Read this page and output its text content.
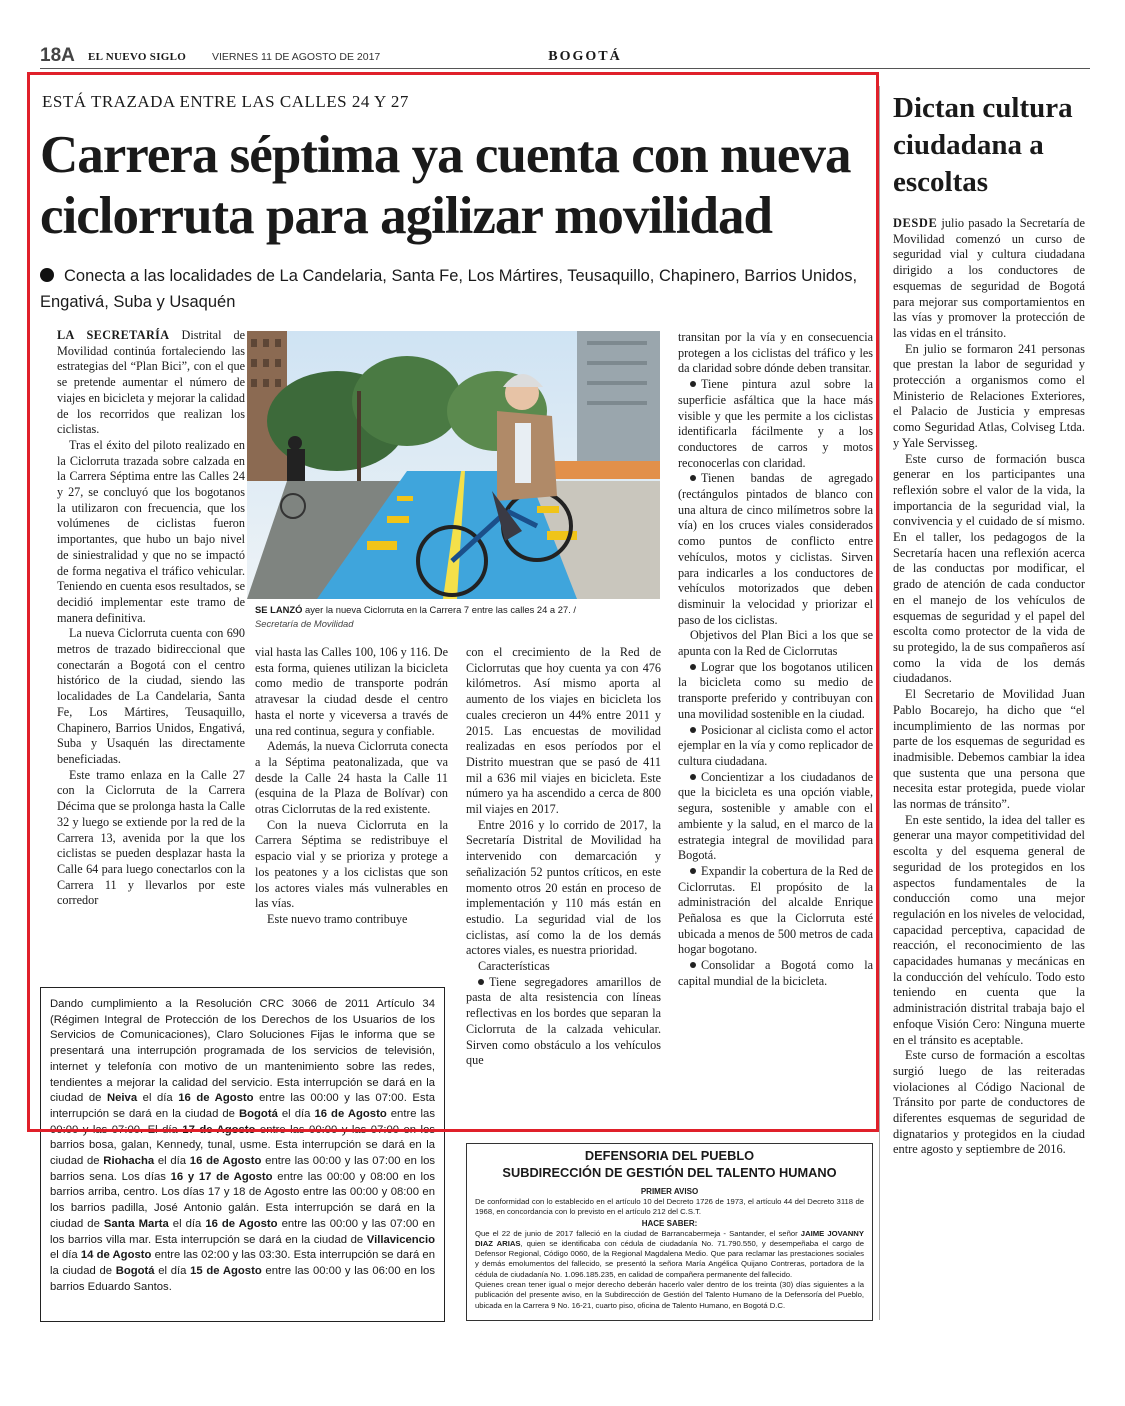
18A EL NUEVO SIGLO VIERNES 11 DE AGOSTO DE 2017	BOGOTÁ
ESTÁ TRAZADA ENTRE LAS CALLES 24 Y 27
Carrera séptima ya cuenta con nueva ciclorruta para agilizar movilidad
Conecta a las localidades de La Candelaria, Santa Fe, Los Mártires, Teusaquillo, Chapinero, Barrios Unidos, Engativá, Suba y Usaquén

LA SECRETARÍA Distrital de Movilidad continúa fortaleciendo las estrategias del “Plan Bici”, con el que se pretende aumentar el número de viajes en bicicleta y mejorar la calidad de los recorridos que realizan los ciclistas.

Tras el éxito del piloto realizado en la Ciclorruta trazada sobre calzada en la Carrera Séptima entre las Calles 24 y 27, se concluyó que los bogotanos la utilizaron con frecuencia, que los volúmenes de ciclistas fueron importantes, que hubo un bajo nivel de siniestralidad y que no se impactó de forma negativa el tráfico vehicular. Teniendo en cuenta esos resultados, se decidió implementar este tramo de manera definitiva.

La nueva Ciclorruta cuenta con 690 metros de trazado bidireccional que conectarán a Bogotá con el centro histórico de la ciudad, siendo las localidades de La Candelaria, Santa Fe, Los Mártires, Teusaquillo, Chapinero, Barrios Unidos, Engativá, Suba y Usaquén las directamente beneficiadas.

Este tramo enlaza en la Calle 27 con la Ciclorruta de la Carrera Décima que se prolonga hasta la Calle 32 y luego se extiende por la red de la Carrera 13, avenida por la que los ciclistas se pueden desplazar hasta la Calle 64 para luego conectarlos con la Carrera 11 y llevarlos por este corredor

SE LANZÓ ayer la nueva Ciclorruta en la Carrera 7 entre las calles 24 a 27. /
Secretaría de Movilidad

vial hasta las Calles 100, 106 y 116. De esta forma, quienes utilizan la bicicleta como medio de transporte podrán atravesar la ciudad desde el centro hasta el norte y viceversa a través de una red continua, segura y confiable.

Además, la nueva Ciclorruta conecta a la Séptima peatonalizada, que va desde la Calle 24 hasta la Calle 11 (esquina de la Plaza de Bolívar) con otras Ciclorrutas de la red existente.

Con la nueva Ciclorruta en la Carrera Séptima se redistribuye el espacio vial y se prioriza y protege a los peatones y a los ciclistas que son los actores viales más vulnerables en las vías.

Este nuevo tramo contribuye

con el crecimiento de la Red de Ciclorrutas que hoy cuenta ya con 476 kilómetros. Así mismo aporta al aumento de los viajes en bicicleta los cuales crecieron un 44% entre 2011 y 2015. Las encuestas de movilidad realizadas en esos períodos por el Distrito muestran que se pasó de 411 mil a 636 mil viajes en bicicleta. Este número ya ha ascendido a cerca de 800 mil viajes en 2017.

Entre 2016 y lo corrido de 2017, la Secretaría Distrital de Movilidad ha intervenido con demarcación y señalización 52 puntos críticos, en este momento otros 20 están en proceso de implementación y 110 más están en estudio. La seguridad vial de los ciclistas, así como la de los demás actores viales, es nuestra prioridad.

Características

Tiene segregadores amarillos de pasta de alta resistencia con líneas reflectivas en los bordes que separan la Ciclorruta de la calzada vehicular. Sirven como obstáculo a los vehículos que

transitan por la vía y en consecuencia protegen a los ciclistas del tráfico y les da claridad sobre dónde deben transitar.

Tiene pintura azul sobre la superficie asfáltica que la hace más visible y que les permite a los ciclistas identificarla fácilmente y a los conductores de carros y motos reconocerlas con claridad.

Tienen bandas de agregado (rectángulos pintados de blanco con una altura de cinco milímetros sobre la vía) en los cruces viales considerados como puntos de conflicto entre vehículos, motos y ciclistas. Sirven para indicarles a los conductores de vehículos motorizados que deben disminuir la velocidad y priorizar el paso de los ciclistas.

Objetivos del Plan Bici a los que se apunta con la Red de Ciclorrutas

Lograr que los bogotanos utilicen la bicicleta como su medio de transporte preferido y contribuyan con una movilidad sostenible en la ciudad.

Posicionar al ciclista como el actor ejemplar en la vía y como replicador de cultura ciudadana.

Concientizar a los ciudadanos de que la bicicleta es una opción viable, segura, sostenible y amable con el ambiente y la salud, en el marco de la estrategia integral de movilidad para Bogotá.

Expandir la cobertura de la Red de Ciclorrutas. El propósito de la administración del alcalde Enrique Peñalosa es que la Ciclorruta esté ubicada a menos de 500 metros de cada hogar bogotano.

Consolidar a Bogotá como la capital mundial de la bicicleta.

Dictan cultura ciudadana a escoltas

DESDE julio pasado la Secretaría de Movilidad comenzó un curso de seguridad vial y cultura ciudadana dirigido a los conductores de esquemas de seguridad de Bogotá para mejorar sus comportamientos en las vías y promover la protección de las vidas en el tránsito.

En julio se formaron 241 personas que prestan la labor de seguridad y protección a organismos como el Ministerio de Relaciones Exteriores, el Palacio de Justicia y empresas como Seguridad Atlas, Colviseg Ltda. y Yale Servisseg.

Este curso de formación busca generar en los participantes una reflexión sobre el valor de la vida, la importancia de la seguridad vial, la convivencia y el cuidado de sí mismo. En el taller, los pedagogos de la Secretaría hacen una reflexión acerca de las conductas por modificar, el grado de atención de cada conductor en el manejo de los vehículos de esquemas de seguridad y el papel del escolta como protector de la vida de su protegido, la de sus compañeros así como la vida de los demás ciudadanos.

El Secretario de Movilidad Juan Pablo Bocarejo, ha dicho que “el incumplimiento de las normas por parte de los esquemas de seguridad es inadmisible. Debemos cambiar la idea que sustenta que una persona que necesita estar protegida, puede violar las normas de tránsito”.

En este sentido, la idea del taller es generar una mayor competitividad del escolta y del esquema general de seguridad de los protegidos en los aspectos fundamentales de la conducción como una mejor regulación en los niveles de velocidad, capacidad perceptiva, capacidad de reacción, el reconocimiento de las capacidades humanas y mecánicas en la conducción del vehículo. Todo esto teniendo en cuenta que la administración distrital trabaja bajo el enfoque Visión Cero: Ninguna muerte en el tránsito es aceptable.

Este curso de formación a escoltas surgió luego de las reiteradas violaciones al Código Nacional de Tránsito por parte de conductores de diferentes esquemas de seguridad de dignatarios y protegidos en la ciudad entre agosto y septiembre de 2016.

Dando cumplimiento a la Resolución CRC 3066 de 2011 Artículo 34 (Régimen Integral de Protección de los Derechos de los Usuarios de los Servicios de Comunicaciones), Claro Soluciones Fijas le informa que se presentará una interrupción programada de los servicios de televisión, internet y telefonía con motivo de un mantenimiento sobre las redes, tendientes a mejorar la calidad del servicio. Esta interrupción se dará en la ciudad de Neiva el día 16 de Agosto entre las 00:00 y las 07:00. Esta interrupción se dará en la ciudad de Bogotá el día 16 de Agosto entre las 00:00 y las 07:00. El día 17 de Agosto entre las 00:00 y las 07:00 en los barrios bosa, galan, Kennedy, tunal, usme. Esta interrupción se dará en la ciudad de Riohacha el día 16 de Agosto entre las 00:00 y las 07:00 en los barrios sena. Los días 16 y 17 de Agosto entre las 00:00 y 08:00 en los barrios arriba, centro. Los días 17 y 18 de Agosto entre las 00:00 y 08:00 en los barrios padilla, José Antonio galán. Esta interrupción se dará en la ciudad de Santa Marta el día 16 de Agosto entre las 00:00 y las 07:00 en los barrios villa mar. Esta interrupción se dará en la ciudad de Villavicencio el día 14 de Agosto entre las 02:00 y las 03:30. Esta interrupción se dará en la ciudad de Bogotá el día 15 de Agosto entre las 00:00 y las 06:00 en los barrios Eduardo Santos.
DEFENSORIA DEL PUEBLO
SUBDIRECCIÓN DE GESTIÓN DEL TALENTO HUMANO
PRIMER AVISO
De conformidad con lo establecido en el artículo 10 del Decreto 1726 de 1973, el artículo 44 del Decreto 3118 de 1968, en concordancia con lo previsto en el artículo 212 del C.S.T.
HACE SABER:
Que el 22 de junio de 2017 falleció en la ciudad de Barrancabermeja - Santander, el señor JAIME JOVANNY DIAZ ARIAS, quien se identificaba con cédula de ciudadanía No. 71.790.550, y desempeñaba el cargo de Defensor Regional, Código 0060, de la Regional Magdalena Medio. Que para reclamar las prestaciones sociales y demás emolumentos del fallecido, se presentó la señora María Angélica Quijano Contreras, portadora de la cédula de ciudadanía No. 1.096.185.235, en calidad de compañera permanente del fallecido.
Quienes crean tener igual o mejor derecho deberán hacerlo valer dentro de los treinta (30) días siguientes a la publicación del presente aviso, en la Subdirección de Gestión del Talento Humano de la Defensoría del Pueblo, ubicada en la Carrera 9 No. 16-21, cuarto piso, oficina de Talento Humano, en Bogotá D.C.
